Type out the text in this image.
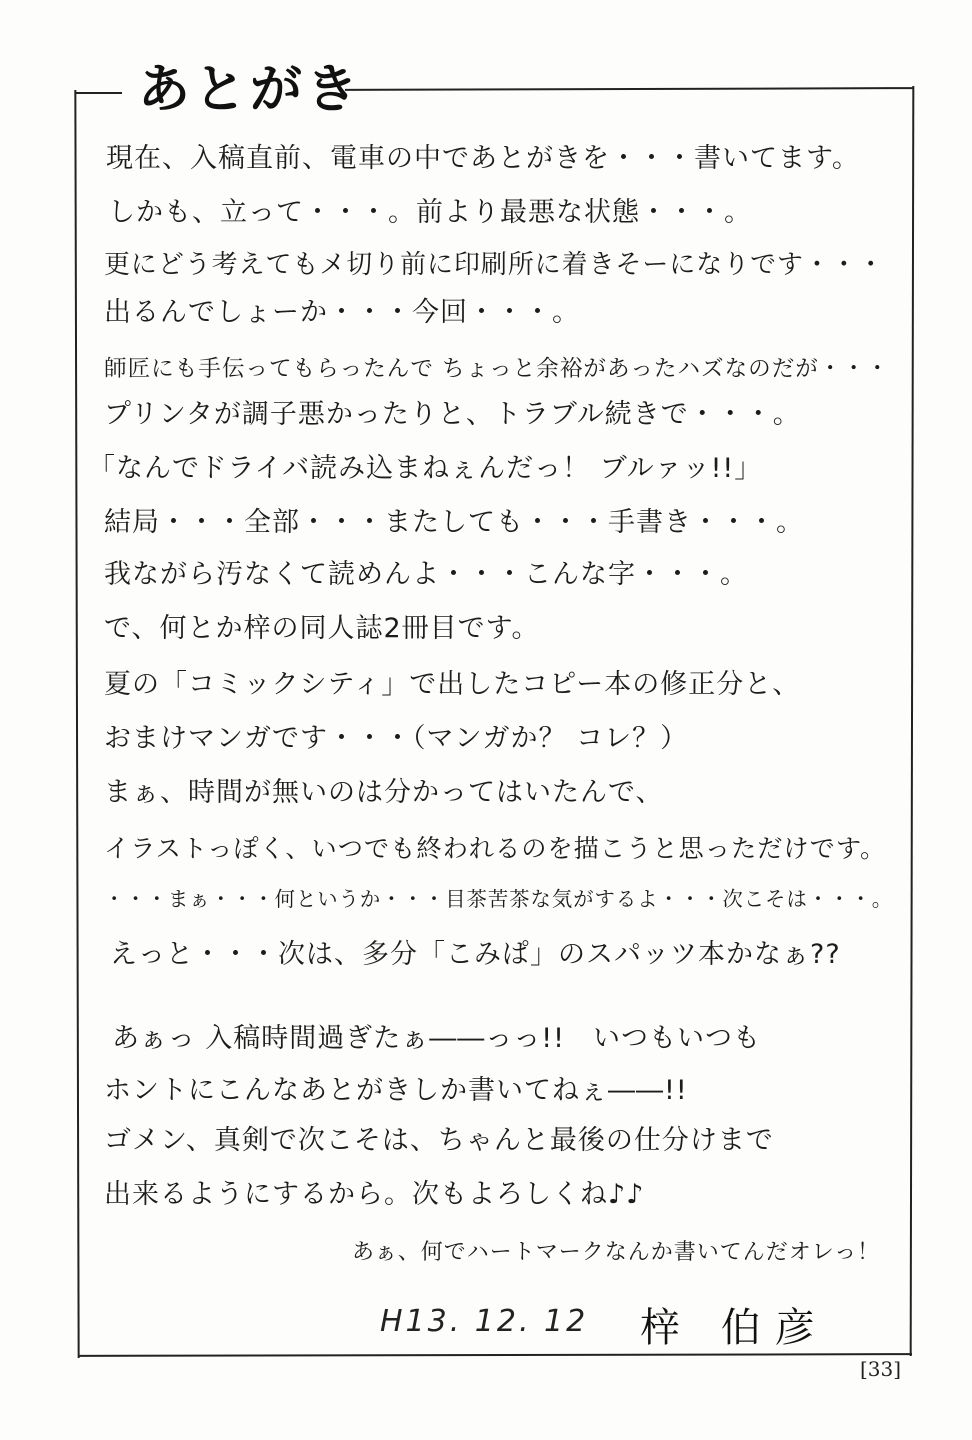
あとがき
現在、入稿直前、電車の中であとがきを・・・書いてます。
しかも、立って・・・。前より最悪な状態・・・。
更にどう考えてもメ切り前に印刷所に着きそーになりです・・・
出るんでしょーか・・・今回・・・。
師匠にも手伝ってもらったんで ちょっと余裕があったハズなのだが・・・
プリンタが調子悪かったりと、トラブル続きで・・・。
「なんでドライバ読み込まねぇんだっ！ ブルァッ!!」
結局・・・全部・・・またしても・・・手書き・・・。
我ながら汚なくて読めんよ・・・こんな字・・・。
で、何とか梓の同人誌2冊目です。
夏の「コミックシティ」で出したコピー本の修正分と、
おまけマンガです・・・（マンガか？ コレ？）
まぁ、時間が無いのは分かってはいたんで、
イラストっぽく、いつでも終われるのを描こうと思っただけです。
・・・まぁ・・・何というか・・・目茶苦茶な気がするよ・・・次こそは・・・。
えっと・・・次は、多分「こみぱ」のスパッツ本かなぁ??
あぁっ 入稿時間過ぎたぁ――っっ!!　いつもいつも
ホントにこんなあとがきしか書いてねぇ――!!
ゴメン、真剣で次こそは、ちゃんと最後の仕分けまで
出来るようにするから。次もよろしくね♪♪
あぁ、何でハートマークなんか書いてんだオレっ！
H13. 12. 12 梓 伯彦
[33]
